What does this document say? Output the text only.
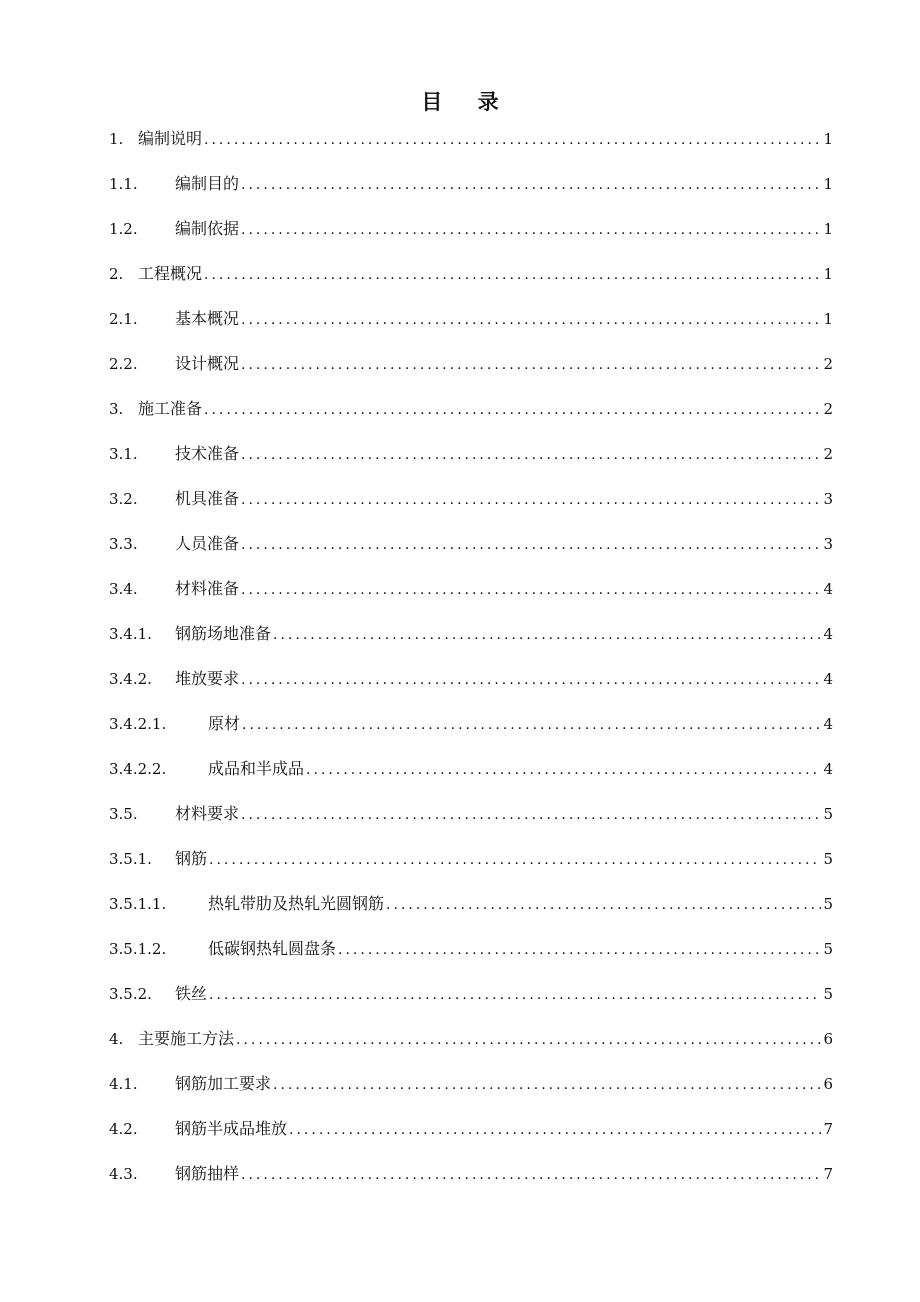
目 录
1. 编制说明 .....	1
1.1.	编制目的 .....	1
1.2.	编制依据 .....	1
2. 工程概况 .....	1
2.1.	基本概况 .....	1
2.2.	设计概况 .....	2
3. 施工准备 .....	2
3.1.	技术准备 .....	2
3.2.	机具准备 .....	3
3.3.	人员准备 .....	3
3.4.	材料准备 .....	4
3.4.1.	钢筋场地准备 .....	4
3.4.2.	堆放要求 .....	4
3.4.2.1.	原材 .....	4
3.4.2.2.	成品和半成品 .....	4
3.5.	材料要求 .....	5
3.5.1.	钢筋 .....	5
3.5.1.1.	热轧带肋及热轧光圆钢筋 .....	5
3.5.1.2.	低碳钢热轧圆盘条 .....	5
3.5.2.	铁丝 .....	5
4. 主要施工方法 .....	6
4.1.	钢筋加工要求 .....	6
4.2.	钢筋半成品堆放 .....	7
4.3.	钢筋抽样 .....	7
